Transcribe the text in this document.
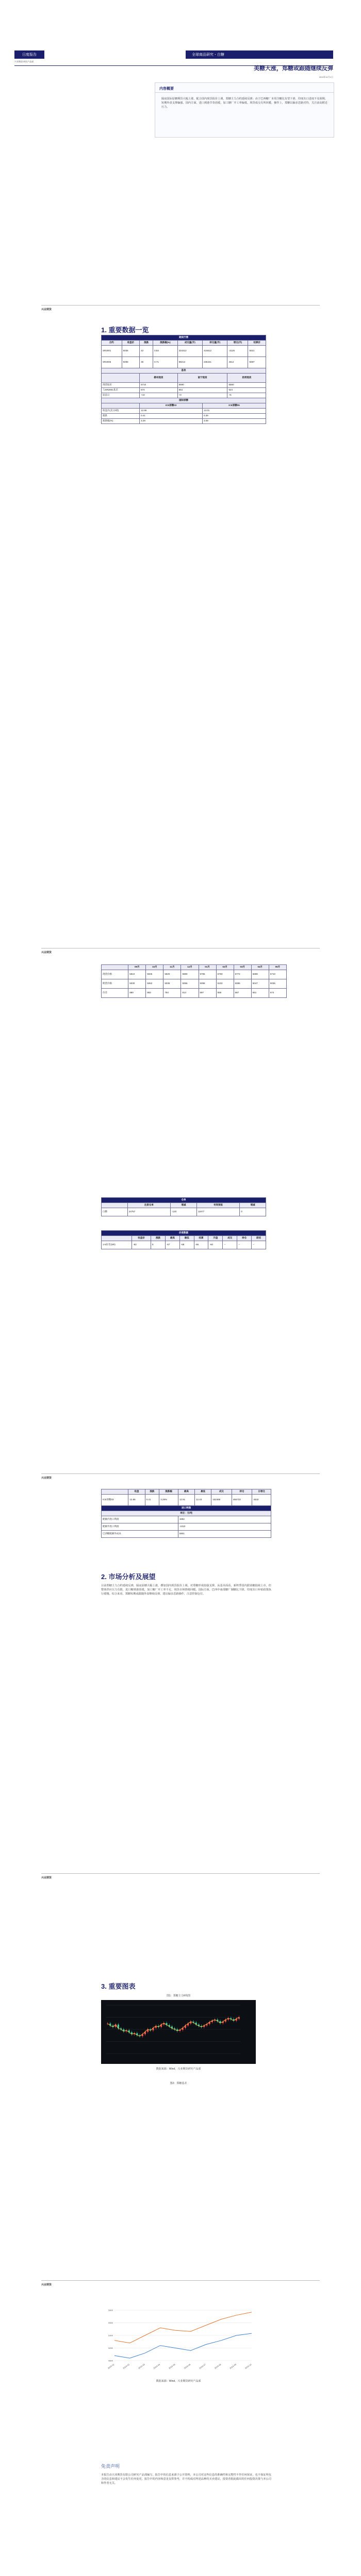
日度报告	全球商品研究・白糖
兴业期货 研究产品部
美糖大涨，郑糖或跟随继续反弹
2019年11月1日
内容概要
隔夜国际原糖期货大幅上涨，配合国内现货报价上调，郑糖主力合约延续反弹；由于巴西糖厂本周含糖比有望下滑、印度出口进度不及预期，短期外盘支撑偏强。国内方面，进口到港节奏放缓，加工糖厂开工率偏低，现货成交有所回暖。操作上，郑糖以偏多思路对待，关注前高附近压力。
兴业期货
1. 重要数据一览
期货行情							
合约	收盘价	涨跌	涨跌幅(%)	成交量(手)	持仓量(手)	增仓(手)	结算价
SR2001	5036	42	0.84	324312	415612	-3126	5021
SR2005	5098	36	0.71	98213	236441	4512	5087
基差							
		柳州现货		南宁现货		昆明现货	
现货报价		5710		5690		5560	
与SR2001基差		674		654		524	
较前日		+10		+0		+5	
国际原糖							
		ICE原糖03			ICE原糖05		
收盘价(美分/磅)		12.86			13.01		
涨跌		0.41			0.39		
涨跌幅(%)		3.29			3.09		
兴业期货
	09月	10月	11月	12月	01月	02月	03月	04月	05月
现货价格	5910	5945	5820	5880	5795	5760	5772	5698	5710
期货价格	5030	5062	5036	5066	5098	5102	5085	5047	5036
价差	880	883	784	814	697	658	687	651	674
仓单				
	注册仓单	增减	有效预报	增减
白糖	24757	-120	11877	0
价差数据									
	收盘价	涨跌	最高	最低	结算	开盘	成交	持仓	前结
1-5价差(SR)	-62	6	-57	-68	-66	-60	--	--	--
兴业期货
	收盘	涨跌	涨跌幅	最高	最低	成交	持仓	日增仓
ICE原糖03	12.86	0.41	3.29%	12.91	12.43	152468	465733	4532
进口利润								
单位：元/吨								
配额内进口利润				1592				
配额外进口利润				-1010				
巴西糖配额外成本				5901				
2. 市场分析及展望
目前郑糖主力合约延续反弹，隔夜原糖大幅上涨，叠加国内现货报价上调，对郑糖形成较强支撑。从基本面看，新榨季国内甜菜糖陆续上市，但整体供应压力有限，进口糖到港放缓，加工糖厂开工率不足，现货市场情绪回暖。国际方面，巴西中南部糖厂制糖比下降，印度出口补贴政策执行缓慢。综合来看，郑糖短期或跟随外盘继续反弹，建议偏多思路操作，注意控制仓位。
兴业期货
3. 重要图表
图1：郑糖主力K线图
数据来源：Wind，兴业期货研究产品部
图2：郑糖基差
兴业期货
4800
5050
5300
5550
5800
2019-01	2019-02	2019-03	2019-04	2019-05	2019-06	2019-07	2019-08	2019-09	2019-10
数据来源：Wind，兴业期货研究产品部
免责声明
本报告由兴业期货有限公司研究产品部编写，报告中的信息来源于公开资料，本公司对这些信息的准确性和完整性不作任何保证，也不保证所包含的信息和建议不会发生任何变更。报告中的内容和意见仅供参考，并不构成对所述品种的买卖建议，投资者据此做出的任何投资决策与本公司和作者无关。
